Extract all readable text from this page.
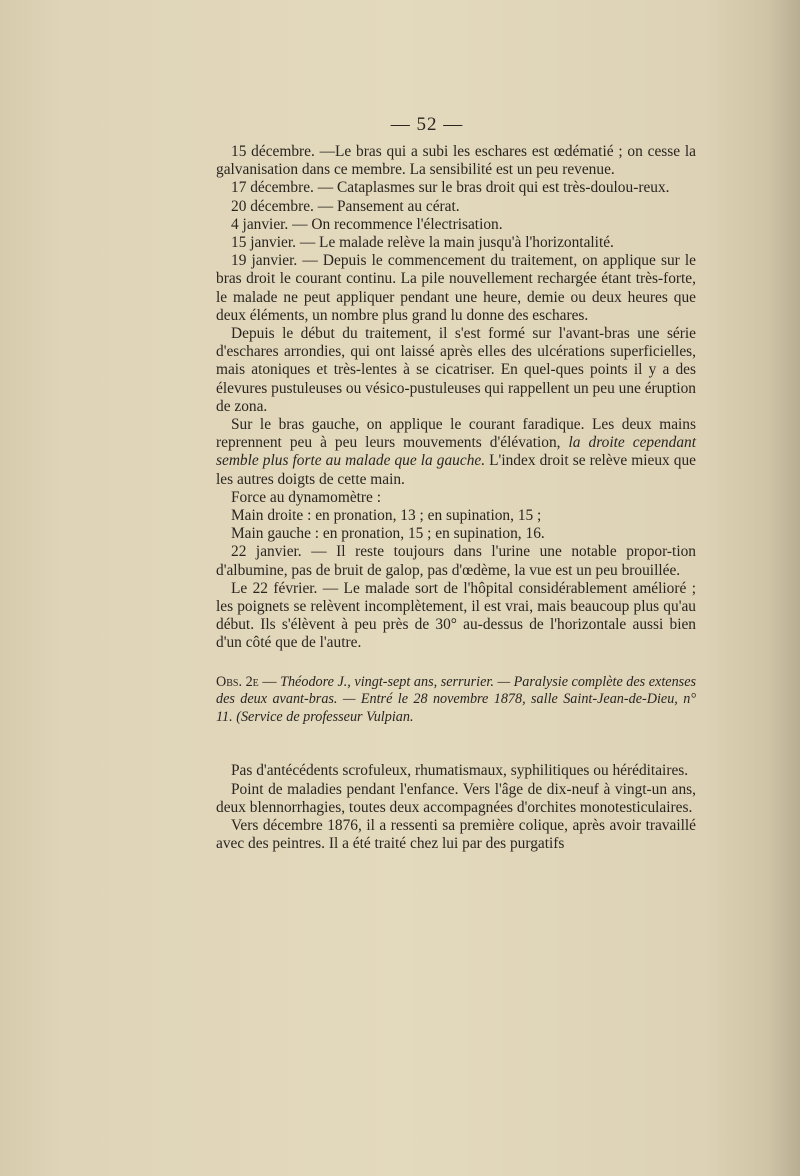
— 52 —

15 décembre. —Le bras qui a subi les eschares est œdématié ; on cesse la galvanisation dans ce membre. La sensibilité est un peu revenue.

17 décembre. — Cataplasmes sur le bras droit qui est très-doulou-reux.

20 décembre. — Pansement au cérat.

4 janvier. — On recommence l'électrisation.

15 janvier. — Le malade relève la main jusqu'à l'horizontalité.

19 janvier. — Depuis le commencement du traitement, on applique sur le bras droit le courant continu. La pile nouvellement rechargée étant très-forte, le malade ne peut appliquer pendant une heure, demie ou deux heures que deux éléments, un nombre plus grand lu donne des eschares.

Depuis le début du traitement, il s'est formé sur l'avant-bras une série d'eschares arrondies, qui ont laissé après elles des ulcérations superficielles, mais atoniques et très-lentes à se cicatriser. En quel-ques points il y a des élevures pustuleuses ou vésico-pustuleuses qui rappellent un peu une éruption de zona.

Sur le bras gauche, on applique le courant faradique. Les deux mains reprennent peu à peu leurs mouvements d'élévation, la droite cependant semble plus forte au malade que la gauche. L'index droit se relève mieux que les autres doigts de cette main.

Force au dynamomètre :

Main droite : en pronation, 13 ; en supination, 15 ;

Main gauche : en pronation, 15 ; en supination, 16.

22 janvier. — Il reste toujours dans l'urine une notable propor-tion d'albumine, pas de bruit de galop, pas d'œdème, la vue est un peu brouillée.

Le 22 février. — Le malade sort de l'hôpital considérablement amélioré ; les poignets se relèvent incomplètement, il est vrai, mais beaucoup plus qu'au début. Ils s'élèvent à peu près de 30° au-dessus de l'horizontale aussi bien d'un côté que de l'autre.

Obs. 2e — Théodore J., vingt-sept ans, serrurier. — Paralysie complète des extenses des deux avant-bras. — Entré le 28 novembre 1878, salle Saint-Jean-de-Dieu, n° 11. (Service de professeur Vulpian.

Pas d'antécédents scrofuleux, rhumatismaux, syphilitiques ou héréditaires.

Point de maladies pendant l'enfance. Vers l'âge de dix-neuf à vingt-un ans, deux blennorrhagies, toutes deux accompagnées d'orchites monotesticulaires.

Vers décembre 1876, il a ressenti sa première colique, après avoir travaillé avec des peintres. Il a été traité chez lui par des purgatifs
